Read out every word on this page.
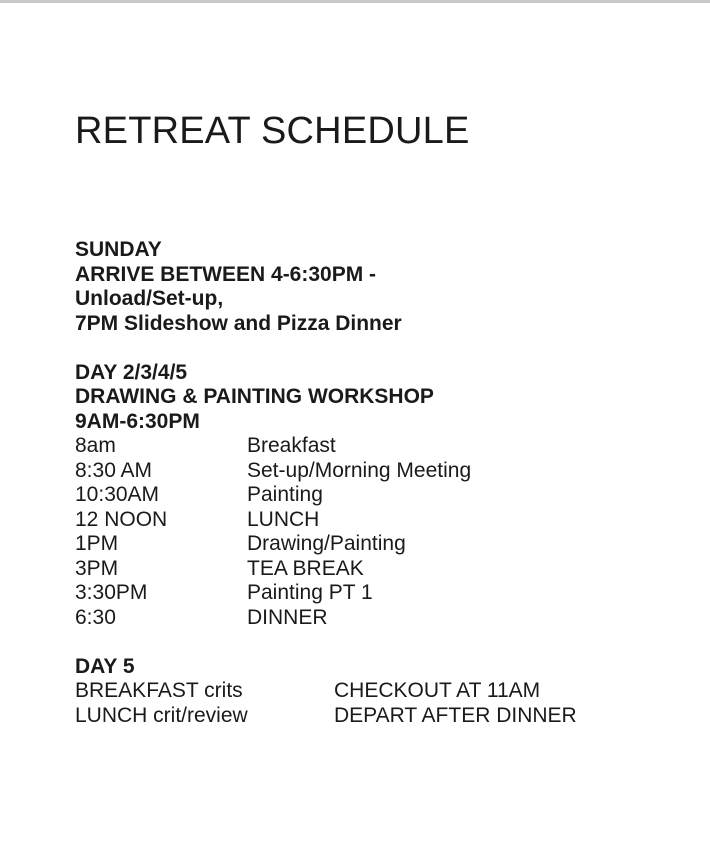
RETREAT SCHEDULE
SUNDAY
ARRIVE BETWEEN 4-6:30PM -
Unload/Set-up,
7PM Slideshow and Pizza Dinner
DAY 2/3/4/5
DRAWING & PAINTING WORKSHOP
9AM-6:30PM
8am	Breakfast
8:30 AM	Set-up/Morning Meeting
10:30AM	Painting
12 NOON	LUNCH
1PM	Drawing/Painting
3PM	TEA BREAK
3:30PM	Painting PT 1
6:30	DINNER
DAY 5
BREAKFAST crits	CHECKOUT AT 11AM
LUNCH crit/review	DEPART AFTER DINNER
